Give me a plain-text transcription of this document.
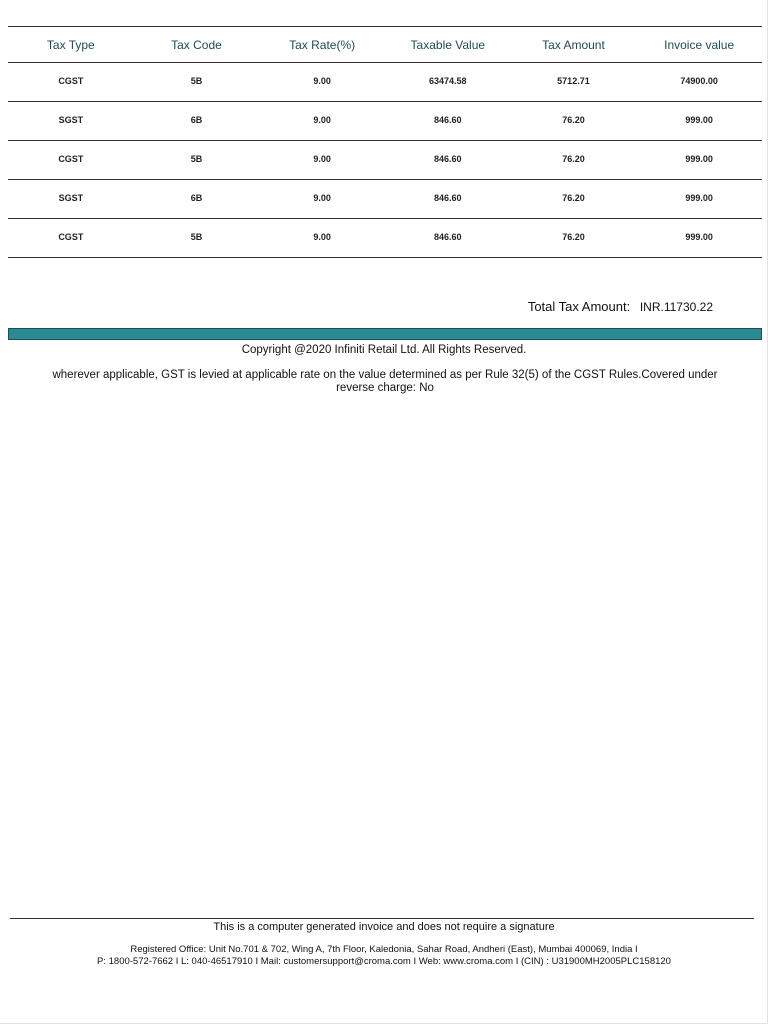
Tax Type	Tax Code	Tax Rate(%)	Taxable Value	Tax Amount	Invoice value
CGST	5B	9.00	63474.58	5712.71	74900.00
SGST	6B	9.00	846.60	76.20	999.00
CGST	5B	9.00	846.60	76.20	999.00
SGST	6B	9.00	846.60	76.20	999.00
CGST	5B	9.00	846.60	76.20	999.00
Total Tax Amount: INR.11730.22
Copyright @2020 Infiniti Retail Ltd. All Rights Reserved.
wherever applicable, GST is levied at applicable rate on the value determined as per Rule 32(5) of the CGST Rules.Covered under reverse charge: No
This is a computer generated invoice and does not require a signature
Registered Office: Unit No.701 & 702, Wing A, 7th Floor, Kaledonia, Sahar Road, Andheri (East), Mumbai 400069, India I
P: 1800-572-7662 I L: 040-46517910 I Mail: customersupport@croma.com I Web: www.croma.com I (CIN) : U31900MH2005PLC158120
